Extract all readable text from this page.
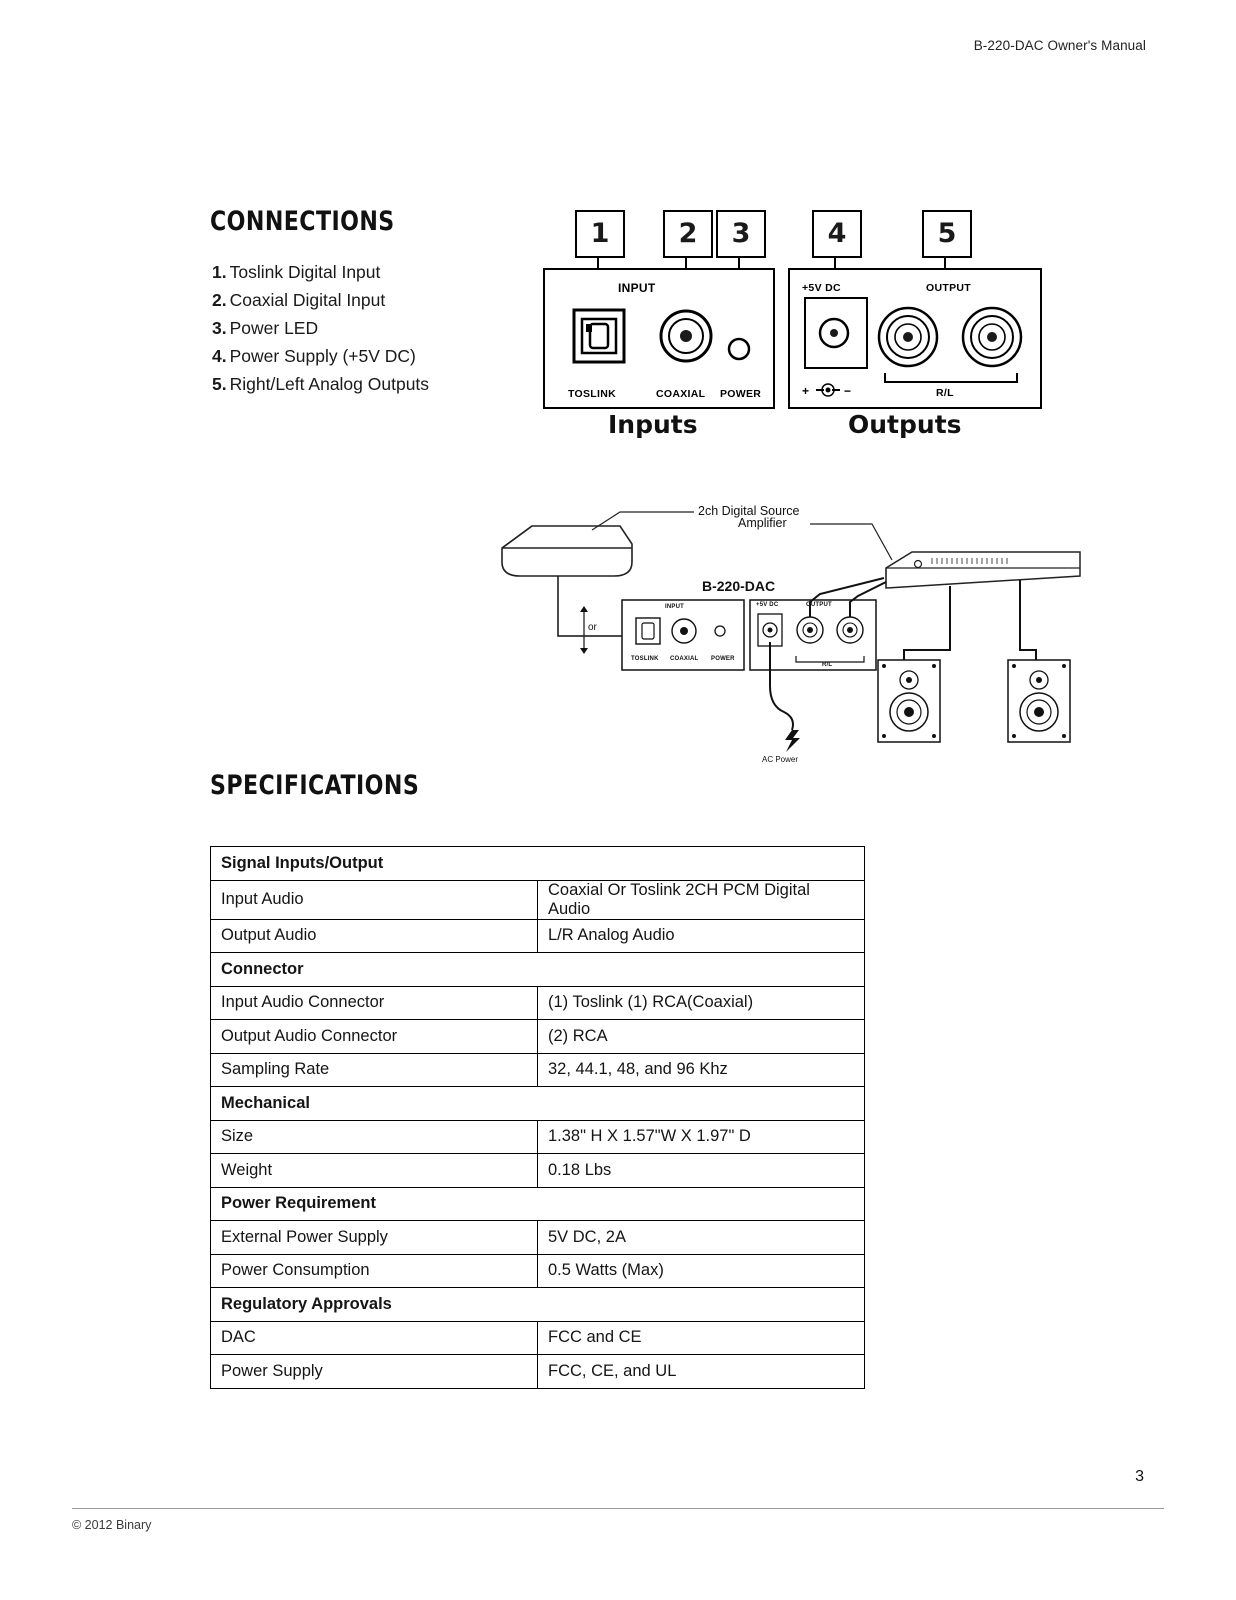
B-220-DAC Owner's Manual
CONNECTIONS
1. Toslink Digital Input
2. Coaxial Digital Input
3. Power LED
4. Power Supply (+5V DC)
5. Right/Left Analog Outputs
1	2	3	4	5
INPUT
TOSLINK	COAXIAL POWER
+5V DC
+	−
OUTPUT
R/L
Inputs	Outputs
2ch Digital Source
Amplifier
B-220-DAC
or
INPUT	+5V DC	OUTPUT
TOSLINK COAXIAL POWER
R/L
AC Power
SPECIFICATIONS
Signal Inputs/Output	
Input Audio	Coaxial Or Toslink 2CH PCM Digital Audio
Output Audio	L/R Analog Audio
Connector	
Input Audio Connector	(1) Toslink (1) RCA(Coaxial)
Output Audio Connector	(2) RCA
Sampling Rate	32, 44.1, 48, and 96 Khz
Mechanical	
Size	1.38" H X 1.57"W X 1.97" D
Weight	0.18 Lbs
Power Requirement	
External Power Supply	5V DC, 2A
Power Consumption	0.5 Watts (Max)
Regulatory Approvals	
DAC	FCC and CE
Power Supply	FCC, CE, and UL
3
© 2012 Binary
